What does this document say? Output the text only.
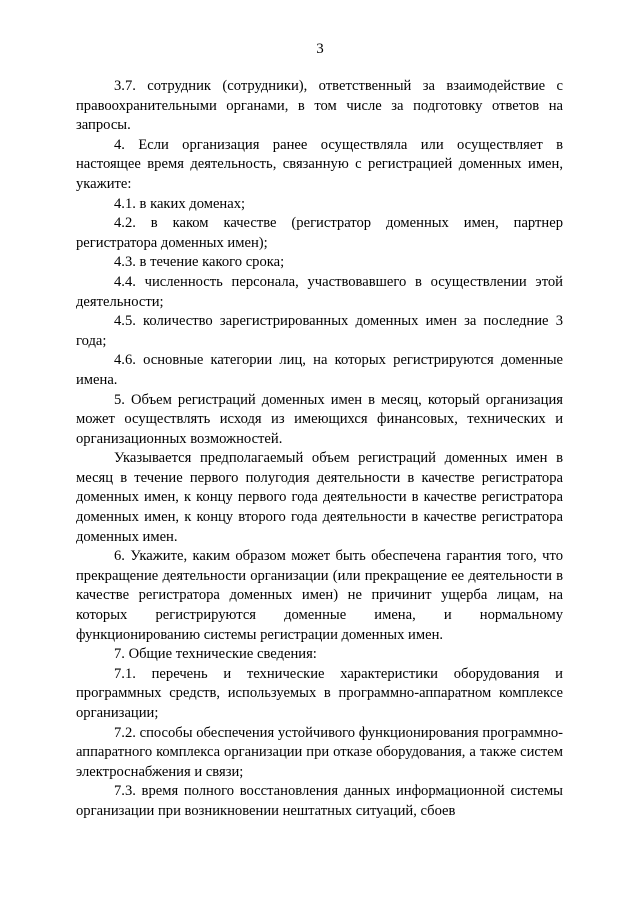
3

3.7. сотрудник (сотрудники), ответственный за взаимодействие с правоохранительными органами, в том числе за подготовку ответов на запросы.

4. Если организация ранее осуществляла или осуществляет в настоящее время деятельность, связанную с регистрацией доменных имен, укажите:

4.1. в каких доменах;

4.2. в каком качестве (регистратор доменных имен, партнер регистратора доменных имен);

4.3. в течение какого срока;

4.4. численность персонала, участвовавшего в осуществлении этой деятельности;

4.5. количество зарегистрированных доменных имен за последние 3 года;

4.6. основные категории лиц, на которых регистрируются доменные имена.

5. Объем регистраций доменных имен в месяц, который организация может осуществлять исходя из имеющихся финансовых, технических и организационных возможностей.

Указывается предполагаемый объем регистраций доменных имен в месяц в течение первого полугодия деятельности в качестве регистратора доменных имен, к концу первого года деятельности в качестве регистратора доменных имен, к концу второго года деятельности в качестве регистратора доменных имен.

6. Укажите, каким образом может быть обеспечена гарантия того, что прекращение деятельности организации (или прекращение ее деятельности в качестве регистратора доменных имен) не причинит ущерба лицам, на которых регистрируются доменные имена, и нормальному функционированию системы регистрации доменных имен.

7. Общие технические сведения:

7.1. перечень и технические характеристики оборудования и программных средств, используемых в программно-аппаратном комплексе организации;

7.2. способы обеспечения устойчивого функционирования программно-аппаратного комплекса организации при отказе оборудования, а также систем электроснабжения и связи;

7.3. время полного восстановления данных информационной системы организации при возникновении нештатных ситуаций, сбоев
